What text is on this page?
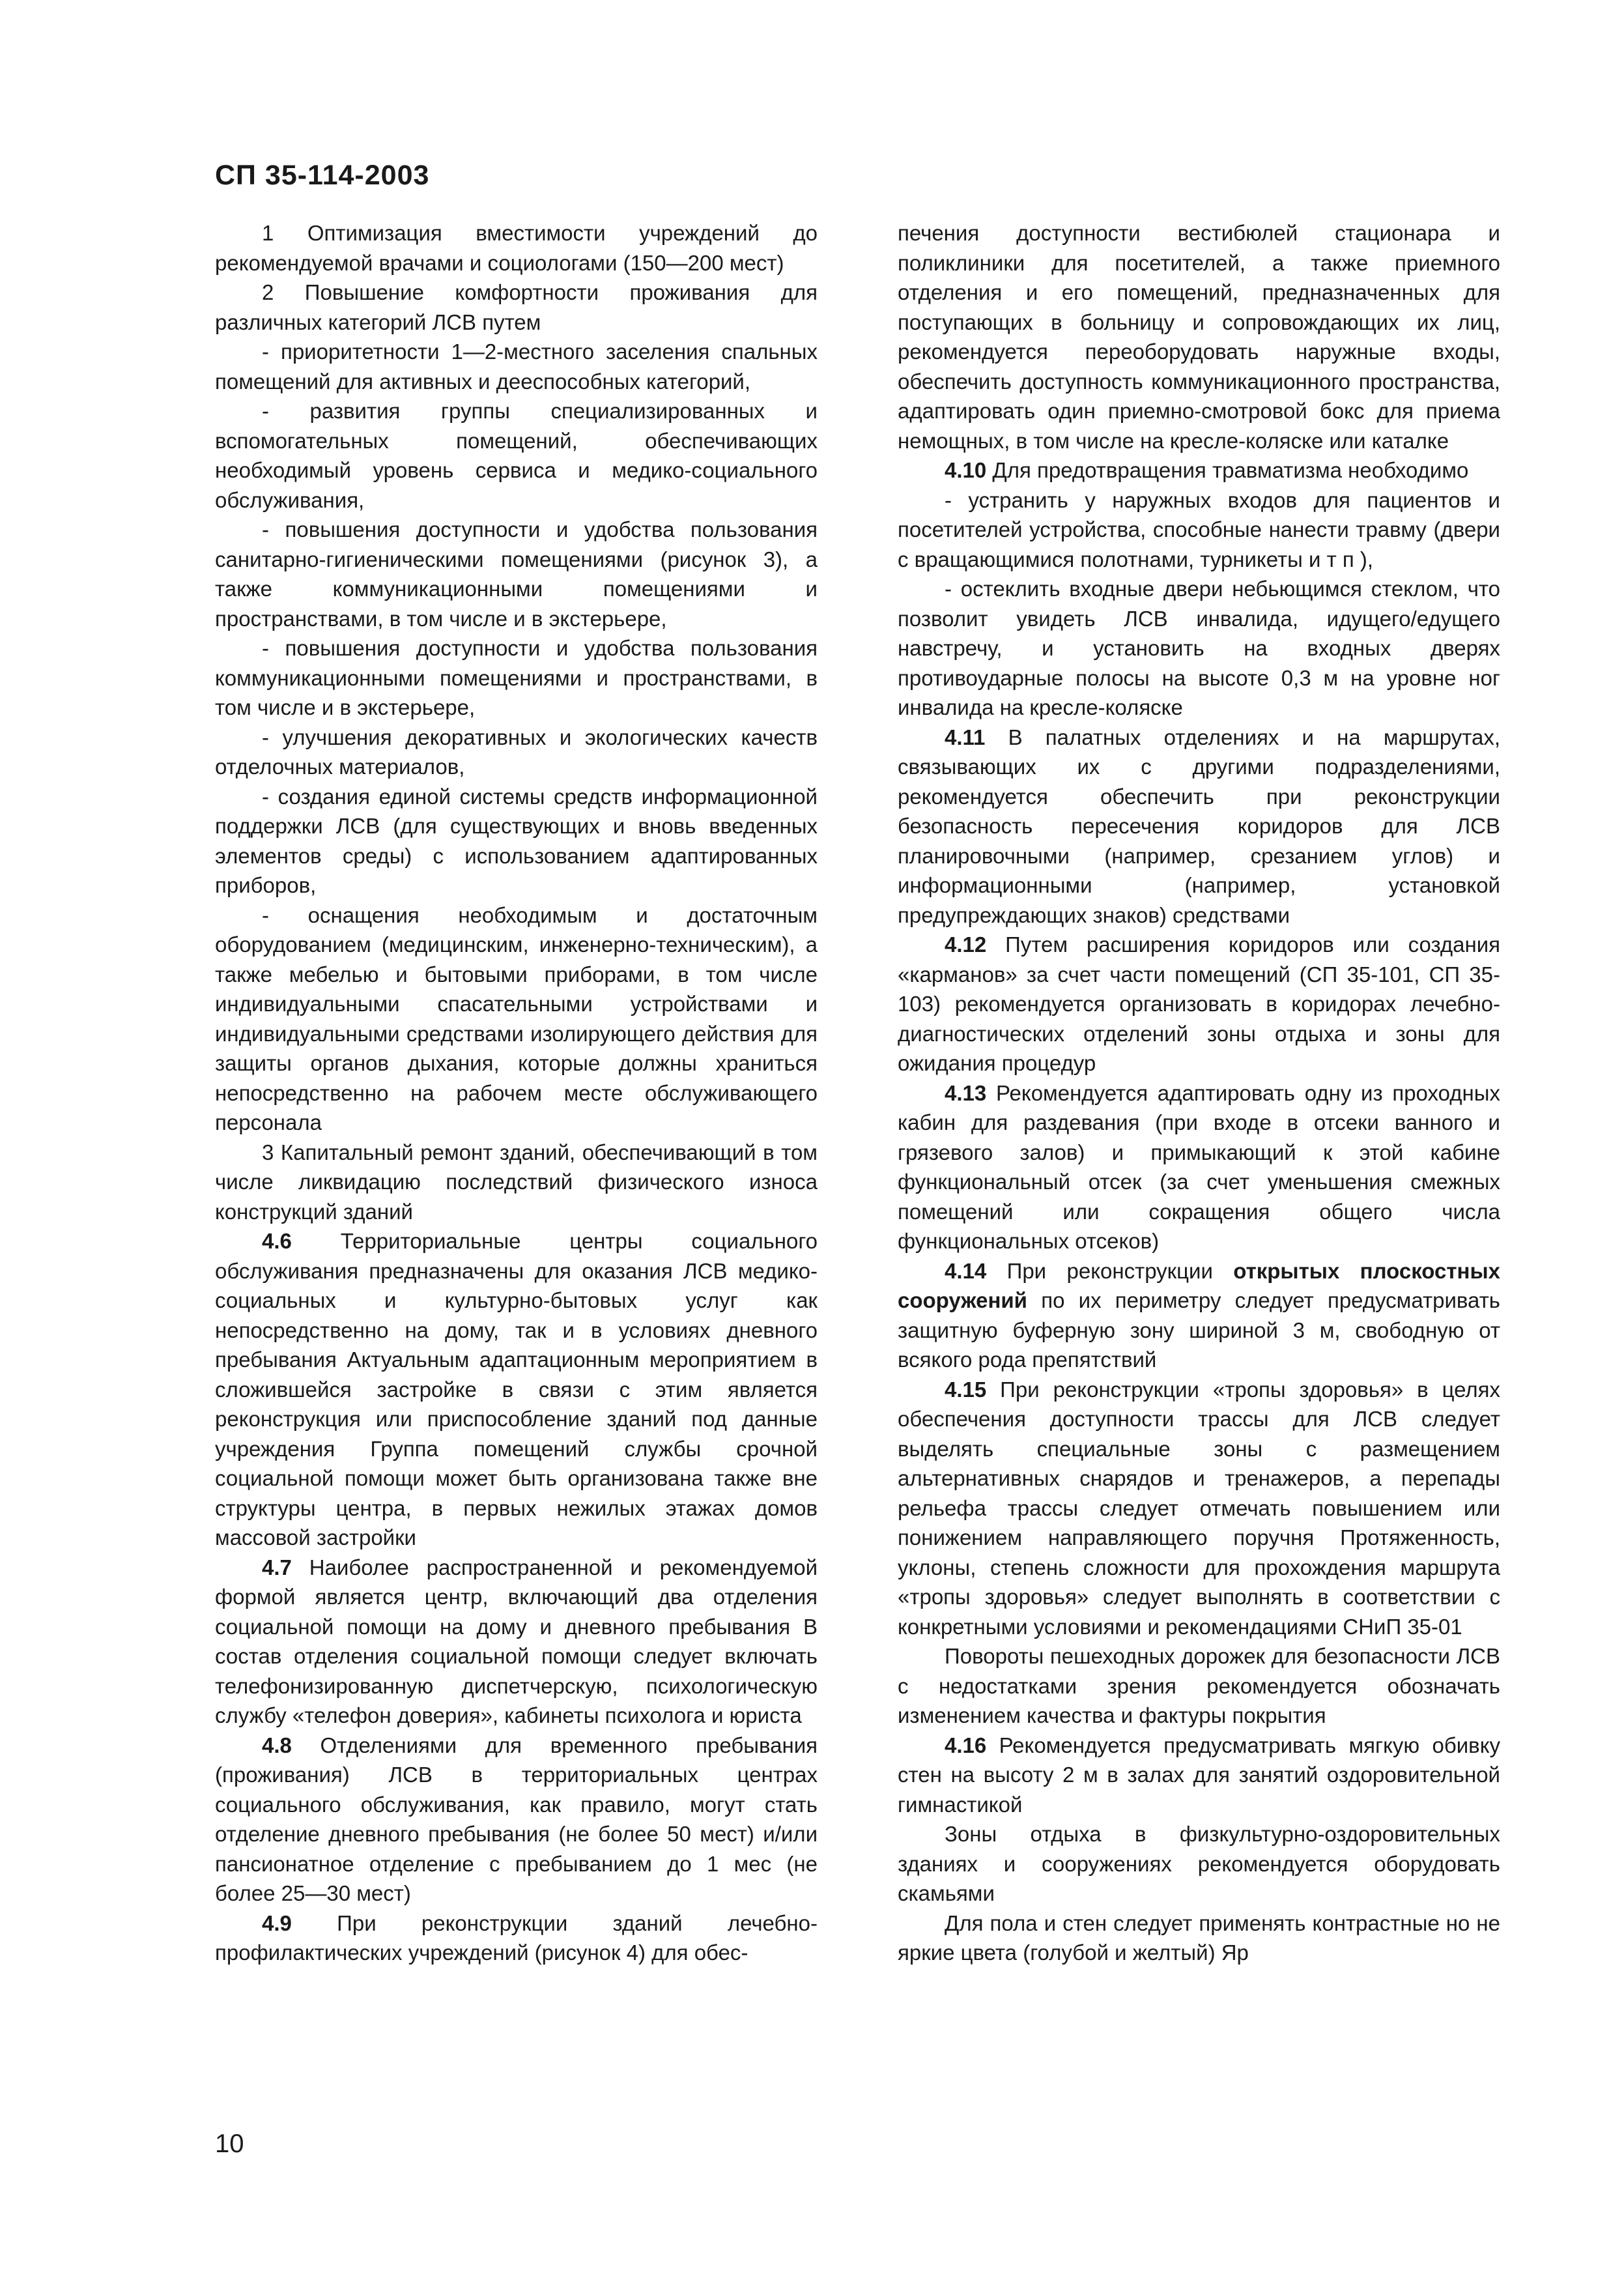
СП 35-114-2003

1 Оптимизация вместимости учреждений до рекомендуемой врачами и социологами (150—200 мест)

2 Повышение комфортности проживания для различных категорий ЛСВ путем

- приоритетности 1—2-местного заселения спальных помещений для активных и дееспособных категорий,

- развития группы специализированных и вспомогательных помещений, обеспечивающих необходимый уровень сервиса и медико-социального обслуживания,

- повышения доступности и удобства пользования санитарно-гигиеническими помещениями (рисунок 3), а также коммуникационными помещениями и пространствами, в том числе и в экстерьере,

- повышения доступности и удобства пользования коммуникационными помещениями и пространствами, в том числе и в экстерьере,

- улучшения декоративных и экологических качеств отделочных материалов,

- создания единой системы средств информационной поддержки ЛСВ (для существующих и вновь введенных элементов среды) с использованием адаптированных приборов,

- оснащения необходимым и достаточным оборудованием (медицинским, инженерно-техническим), а также мебелью и бытовыми приборами, в том числе индивидуальными спасательными устройствами и индивидуальными средствами изолирующего действия для защиты органов дыхания, которые должны храниться непосредственно на рабочем месте обслуживающего персонала

3 Капитальный ремонт зданий, обеспечивающий в том числе ликвидацию последствий физического износа конструкций зданий

4.6 Территориальные центры социального обслуживания предназначены для оказания ЛСВ медико-социальных и культурно-бытовых услуг как непосредственно на дому, так и в условиях дневного пребывания Актуальным адаптационным мероприятием в сложившейся застройке в связи с этим является реконструкция или приспособление зданий под данные учреждения Группа помещений службы срочной социальной помощи может быть организована также вне структуры центра, в первых нежилых этажах домов массовой застройки

4.7 Наиболее распространенной и рекомендуемой формой является центр, включающий два отделения социальной помощи на дому и дневного пребывания В состав отделения социальной помощи следует включать телефонизированную диспетчерскую, психологическую службу «телефон доверия», кабинеты психолога и юриста

4.8 Отделениями для временного пребывания (проживания) ЛСВ в территориальных центрах социального обслуживания, как правило, могут стать отделение дневного пребывания (не более 50 мест) и/или пансионатное отделение с пребыванием до 1 мес (не более 25—30 мест)

4.9 При реконструкции зданий лечебно-профилактических учреждений (рисунок 4) для обес-

печения доступности вестибюлей стационара и поликлиники для посетителей, а также приемного отделения и его помещений, предназначенных для поступающих в больницу и сопровождающих их лиц, рекомендуется переоборудовать наружные входы, обеспечить доступность коммуникационного пространства, адаптировать один приемно-смотровой бокс для приема немощных, в том числе на кресле-коляске или каталке

4.10 Для предотвращения травматизма необходимо

- устранить у наружных входов для пациентов и посетителей устройства, способные нанести травму (двери с вращающимися полотнами, турникеты и т п ),

- остеклить входные двери небьющимся стеклом, что позволит увидеть ЛСВ инвалида, идущего/едущего навстречу, и установить на входных дверях противоударные полосы на высоте 0,3 м на уровне ног инвалида на кресле-коляске

4.11 В палатных отделениях и на маршрутах, связывающих их с другими подразделениями, рекомендуется обеспечить при реконструкции безопасность пересечения коридоров для ЛСВ планировочными (например, срезанием углов) и информационными (например, установкой предупреждающих знаков) средствами

4.12 Путем расширения коридоров или создания «карманов» за счет части помещений (СП 35-101, СП 35-103) рекомендуется организовать в коридорах лечебно-диагностических отделений зоны отдыха и зоны для ожидания процедур

4.13 Рекомендуется адаптировать одну из проходных кабин для раздевания (при входе в отсеки ванного и грязевого залов) и примыкающий к этой кабине функциональный отсек (за счет уменьшения смежных помещений или сокращения общего числа функциональных отсеков)

4.14 При реконструкции открытых плоскостных сооружений по их периметру следует предусматривать защитную буферную зону шириной 3 м, свободную от всякого рода препятствий

4.15 При реконструкции «тропы здоровья» в целях обеспечения доступности трассы для ЛСВ следует выделять специальные зоны с размещением альтернативных снарядов и тренажеров, а перепады рельефа трассы следует отмечать повышением или понижением направляющего поручня Протяженность, уклоны, степень сложности для прохождения маршрута «тропы здоровья» следует выполнять в соответствии с конкретными условиями и рекомендациями СНиП 35-01

Повороты пешеходных дорожек для безопасности ЛСВ с недостатками зрения рекомендуется обозначать изменением качества и фактуры покрытия

4.16 Рекомендуется предусматривать мягкую обивку стен на высоту 2 м в залах для занятий оздоровительной гимнастикой

Зоны отдыха в физкультурно-оздоровительных зданиях и сооружениях рекомендуется оборудовать скамьями

Для пола и стен следует применять контрастные но не яркие цвета (голубой и желтый) Яр

10
